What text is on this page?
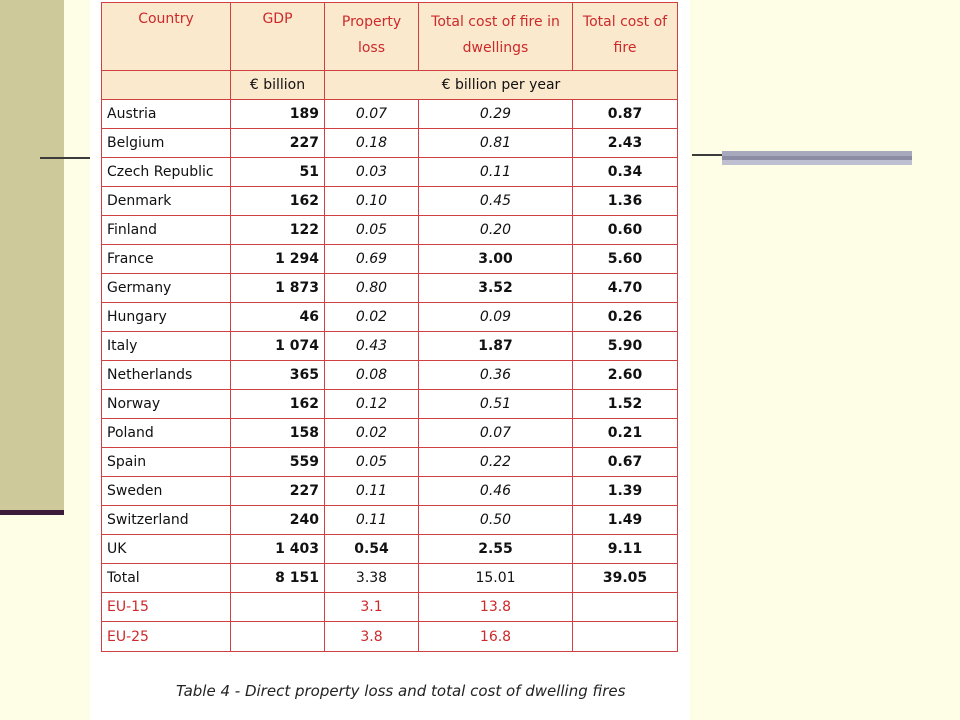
Country	GDP	Property loss	Total cost of fire in dwellings	Total cost of fire
	€ billion	€ billion per year		
Austria	189	0.07	0.29	0.87
Belgium	227	0.18	0.81	2.43
Czech Republic	51	0.03	0.11	0.34
Denmark	162	0.10	0.45	1.36
Finland	122	0.05	0.20	0.60
France	1 294	0.69	3.00	5.60
Germany	1 873	0.80	3.52	4.70
Hungary	46	0.02	0.09	0.26
Italy	1 074	0.43	1.87	5.90
Netherlands	365	0.08	0.36	2.60
Norway	162	0.12	0.51	1.52
Poland	158	0.02	0.07	0.21
Spain	559	0.05	0.22	0.67
Sweden	227	0.11	0.46	1.39
Switzerland	240	0.11	0.50	1.49
UK	1 403	0.54	2.55	9.11
Total	8 151	3.38	15.01	39.05
EU-15		3.1	13.8	
EU-25		3.8	16.8	
Table 4 - Direct property loss and total cost of dwelling fires
